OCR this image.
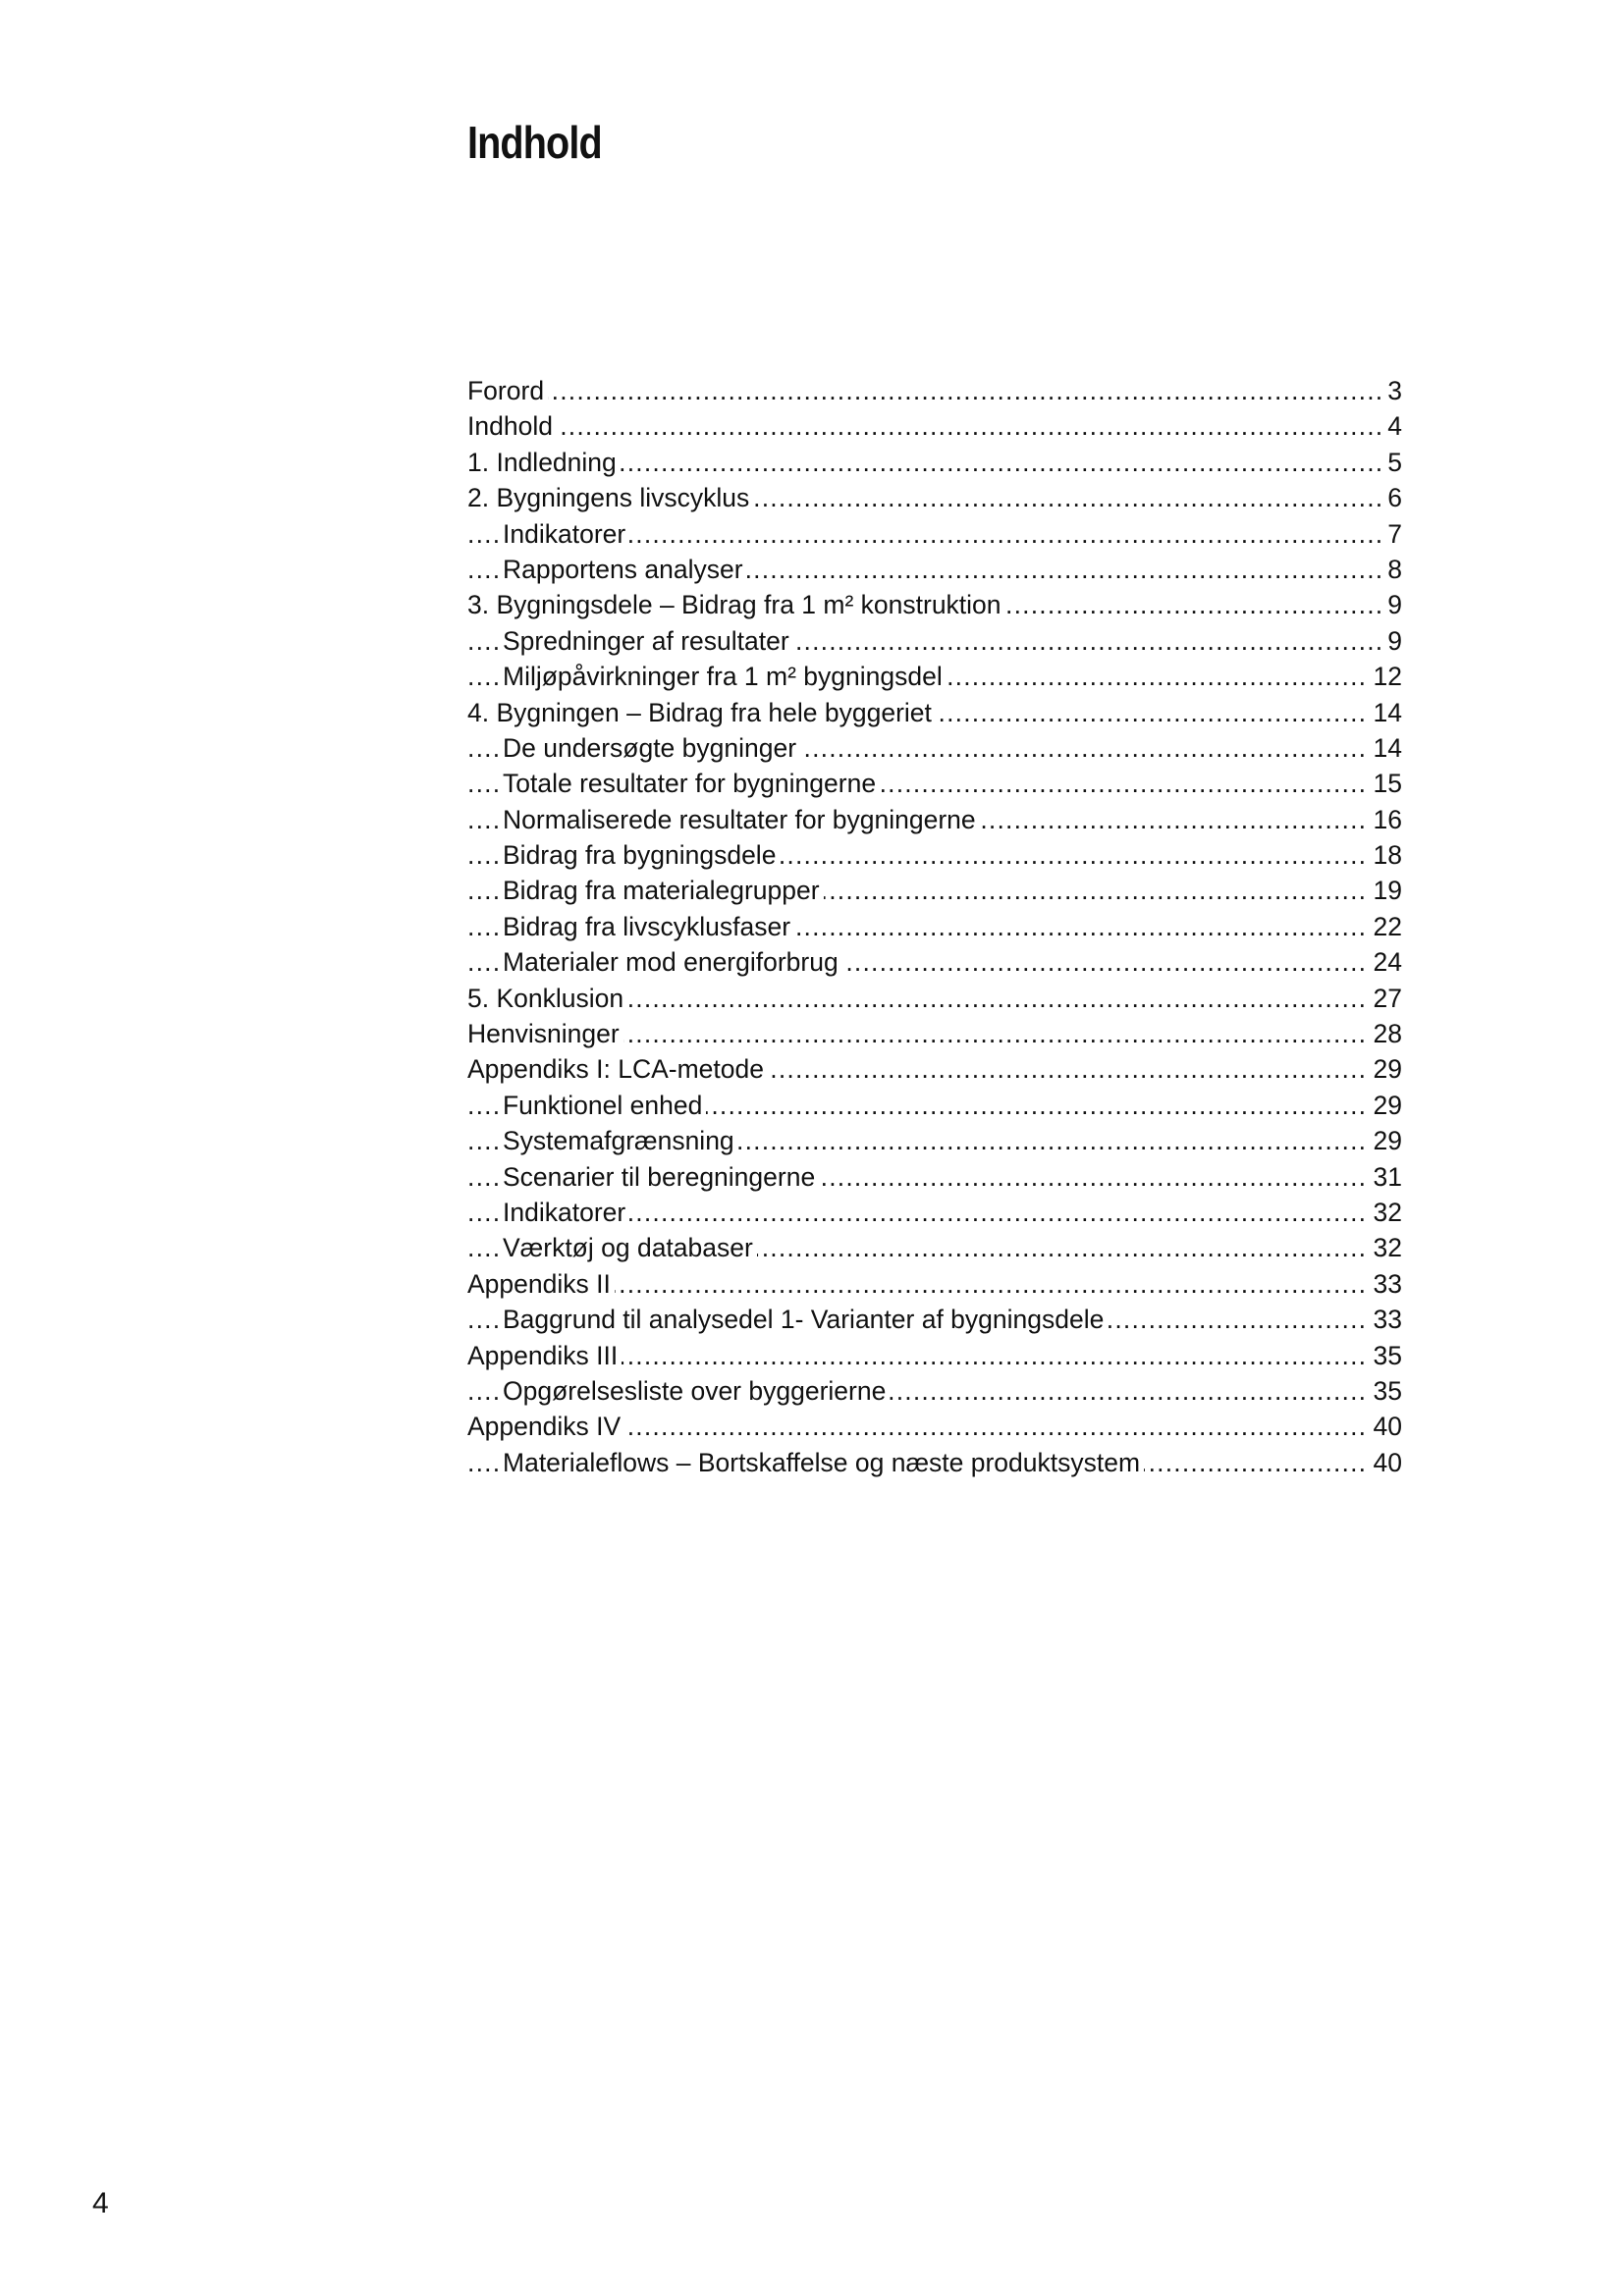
Indhold
.....
Forord	3
.....
Indhold	4
.....
1. Indledning	5
.....
2. Bygningens livscyklus	6
.....
Indikatorer	7
.....
Rapportens analyser	8
.....
3. Bygningsdele – Bidrag fra 1 m² konstruktion	9
.....
Spredninger af resultater	9
.....
Miljøpåvirkninger fra 1 m² bygningsdel	12
.....
4. Bygningen – Bidrag fra hele byggeriet	14
.....
De undersøgte bygninger	14
.....
Totale resultater for bygningerne	15
.....
Normaliserede resultater for bygningerne	16
.....
Bidrag fra bygningsdele	18
.....
Bidrag fra materialegrupper	19
.....
Bidrag fra livscyklusfaser	22
.....
Materialer mod energiforbrug	24
.....
5. Konklusion	27
.....
Henvisninger	28
.....
Appendiks I: LCA-metode	29
.....
Funktionel enhed	29
.....
Systemafgrænsning	29
.....
Scenarier til beregningerne	31
.....
Indikatorer	32
.....
Værktøj og databaser	32
.....
Appendiks II	33
.....
Baggrund til analysedel 1- Varianter af bygningsdele	33
.....
Appendiks III	35
.....
Opgørelsesliste over byggerierne	35
.....
Appendiks IV	40
.....
Materialeflows – Bortskaffelse og næste produktsystem	40
4
